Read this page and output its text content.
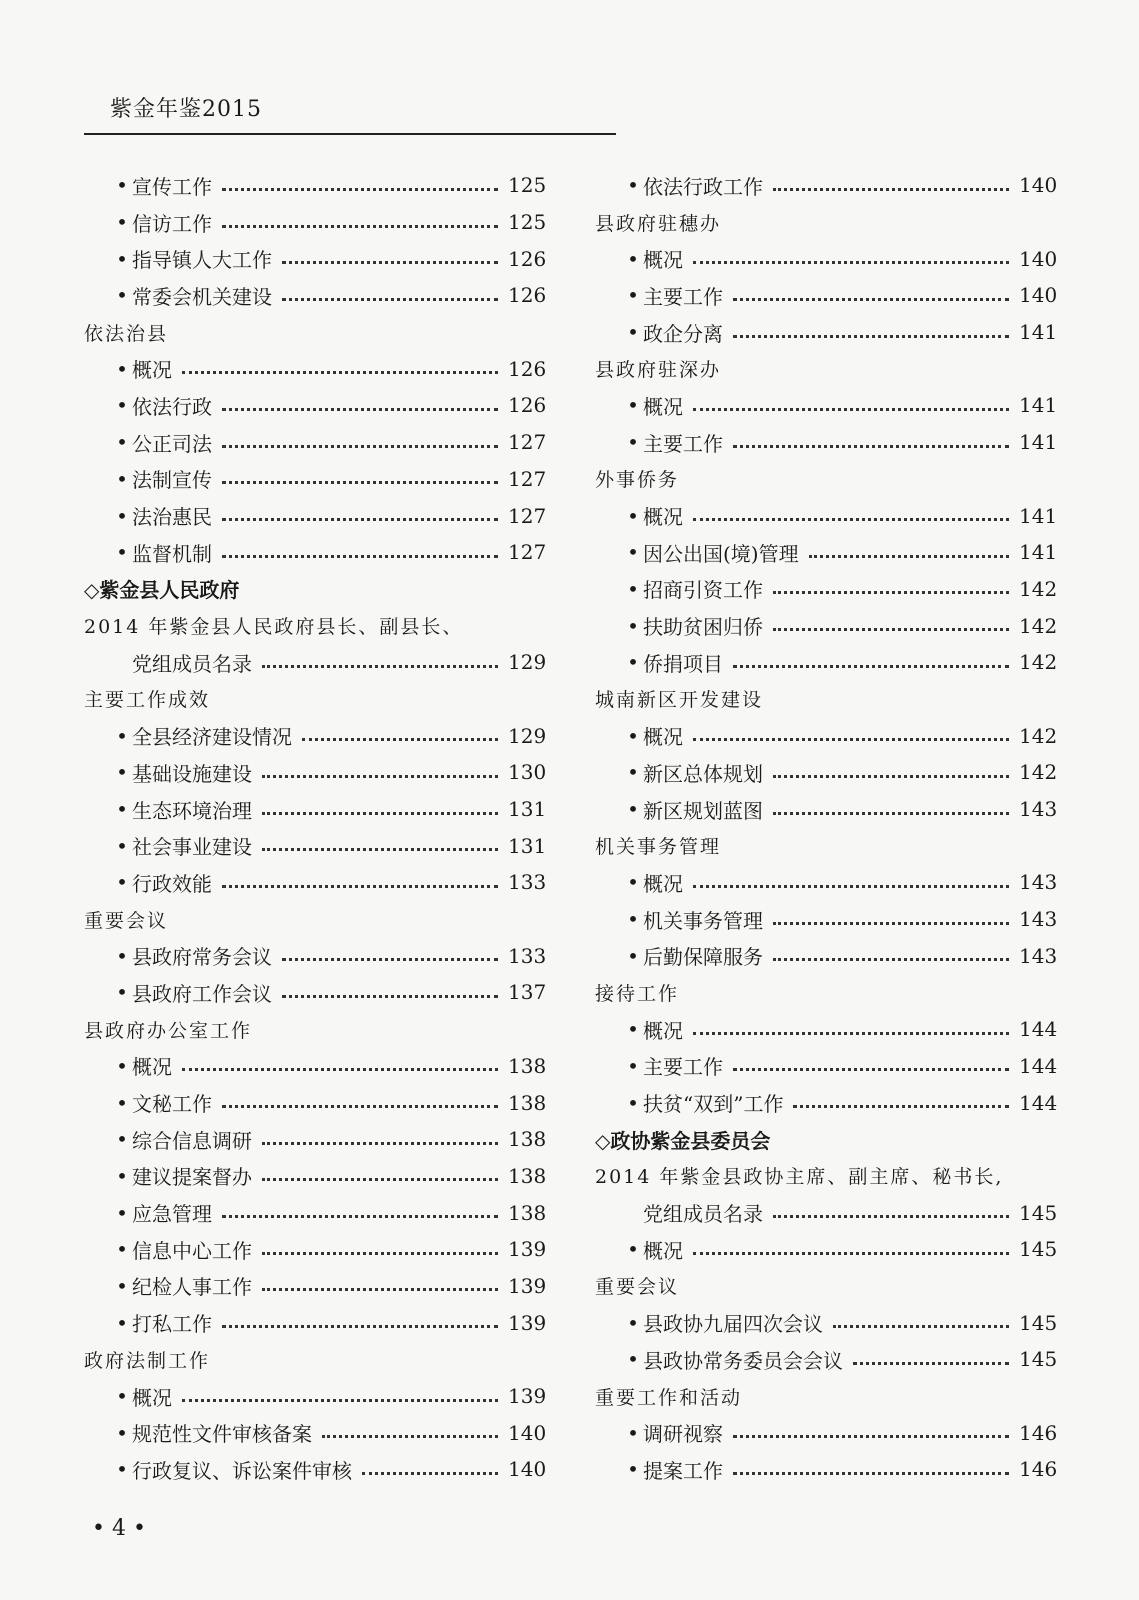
紫金年鉴2015
• 宣传工作	125
• 信访工作	125
• 指导镇人大工作	126
• 常委会机关建设	126
依法治县
• 概况	126
• 依法行政	126
• 公正司法	127
• 法制宣传	127
• 法治惠民	127
• 监督机制	127
◇紫金县人民政府
2014 年紫金县人民政府县长、副县长、
党组成员名录	129
主要工作成效
• 全县经济建设情况	129
• 基础设施建设	130
• 生态环境治理	131
• 社会事业建设	131
• 行政效能	133
重要会议
• 县政府常务会议	133
• 县政府工作会议	137
县政府办公室工作
• 概况	138
• 文秘工作	138
• 综合信息调研	138
• 建议提案督办	138
• 应急管理	138
• 信息中心工作	139
• 纪检人事工作	139
• 打私工作	139
政府法制工作
• 概况	139
• 规范性文件审核备案	140
• 行政复议、诉讼案件审核	140
• 依法行政工作	140
县政府驻穗办
• 概况	140
• 主要工作	140
• 政企分离	141
县政府驻深办
• 概况	141
• 主要工作	141
外事侨务
• 概况	141
• 因公出国(境)管理	141
• 招商引资工作	142
• 扶助贫困归侨	142
• 侨捐项目	142
城南新区开发建设
• 概况	142
• 新区总体规划	142
• 新区规划蓝图	143
机关事务管理
• 概况	143
• 机关事务管理	143
• 后勤保障服务	143
接待工作
• 概况	144
• 主要工作	144
• 扶贫“双到”工作	144
◇政协紫金县委员会
2014 年紫金县政协主席、副主席、秘书长,
党组成员名录	145
• 概况	145
重要会议
• 县政协九届四次会议	145
• 县政协常务委员会会议	145
重要工作和活动
• 调研视察	146
• 提案工作	146
• 4 •
